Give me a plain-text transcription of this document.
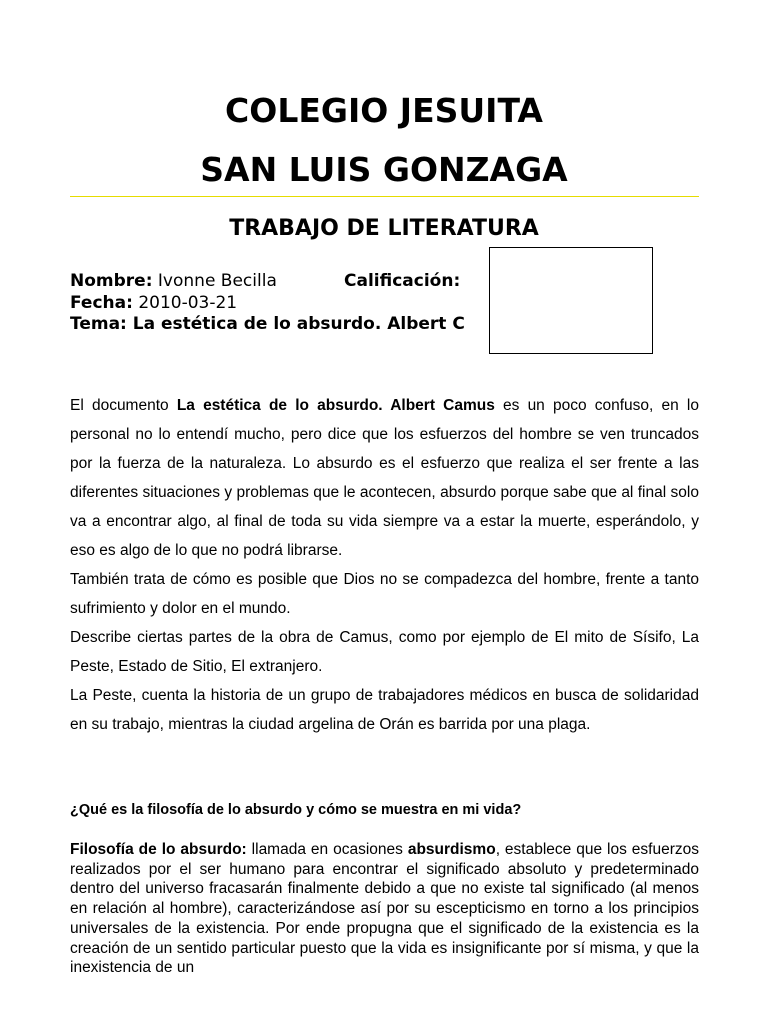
COLEGIO JESUITA
SAN LUIS GONZAGA
TRABAJO DE LITERATURA
Nombre: Ivonne Becilla	Calificación:
Fecha: 2010-03-21
Tema: La estética de lo absurdo. Albert C

El documento La estética de lo absurdo. Albert Camus es un poco confuso, en lo personal no lo entendí mucho, pero dice que los esfuerzos del hombre se ven truncados por la fuerza de la naturaleza. Lo absurdo es el esfuerzo que realiza el ser frente a las diferentes situaciones y problemas que le acontecen, absurdo porque sabe que al final solo va a encontrar algo, al final de toda su vida siempre va a estar la muerte, esperándolo, y eso es algo de lo que no podrá librarse.

También trata de cómo es posible que Dios no se compadezca del hombre, frente a tanto sufrimiento y dolor en el mundo.

Describe ciertas partes de la obra de Camus, como por ejemplo de El mito de Sísifo, La Peste, Estado de Sitio, El extranjero.

La Peste, cuenta la historia de un grupo de trabajadores médicos en busca de solidaridad en su trabajo, mientras la ciudad argelina de Orán es barrida por una plaga.

¿Qué es la filosofía de lo absurdo y cómo se muestra en mi vida?

Filosofía de lo absurdo: llamada en ocasiones absurdismo, establece que los esfuerzos realizados por el ser humano para encontrar el significado absoluto y predeterminado dentro del universo fracasarán finalmente debido a que no existe tal significado (al menos en relación al hombre), caracterizándose así por su escepticismo en torno a los principios universales de la existencia. Por ende propugna que el significado de la existencia es la creación de un sentido particular puesto que la vida es insignificante por sí misma, y que la inexistencia de un
